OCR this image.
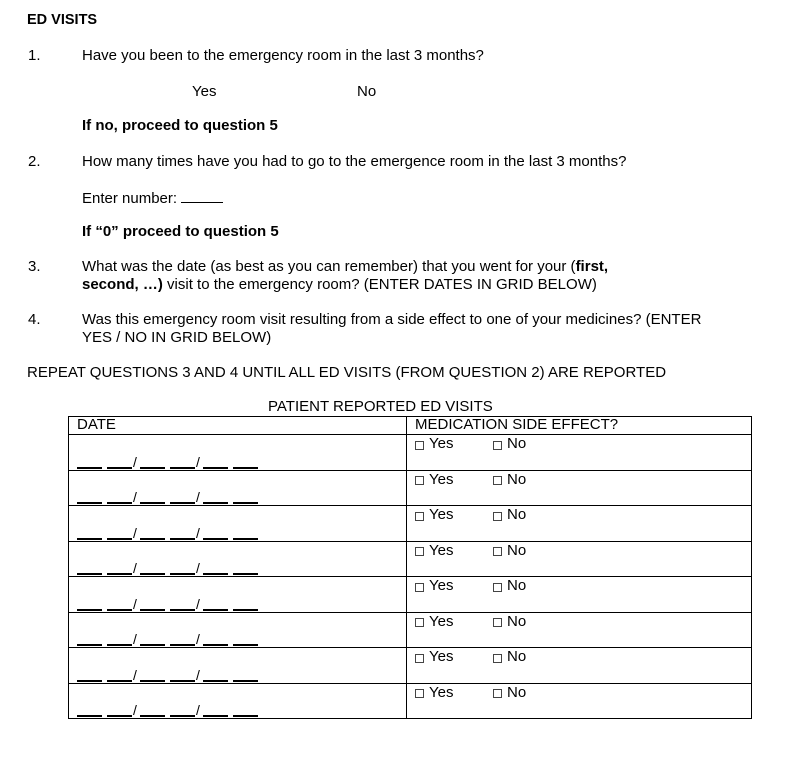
ED VISITS
1.	Have you been to the emergency room in the last 3 months?
Yes	No
If no, proceed to question 5
2.	How many times have you had to go to the emergence room in the last 3 months?
Enter number:
If “0” proceed to question 5
3.	What was the date (as best as you can remember) that you went for your (first, second, …) visit to the emergency room? (ENTER DATES IN GRID BELOW)
4.	Was this emergency room visit resulting from a side effect to one of your medicines? (ENTER YES / NO IN GRID BELOW)
REPEAT QUESTIONS 3 AND 4 UNTIL ALL ED VISITS (FROM QUESTION 2) ARE REPORTED
PATIENT REPORTED ED VISITS
DATE	MEDICATION SIDE EFFECT?

/ /	Yes No

/ /	Yes No

/ /	Yes No

/ /	Yes No

/ /	Yes No

/ /	Yes No

/ /	Yes No

/ /	Yes No
